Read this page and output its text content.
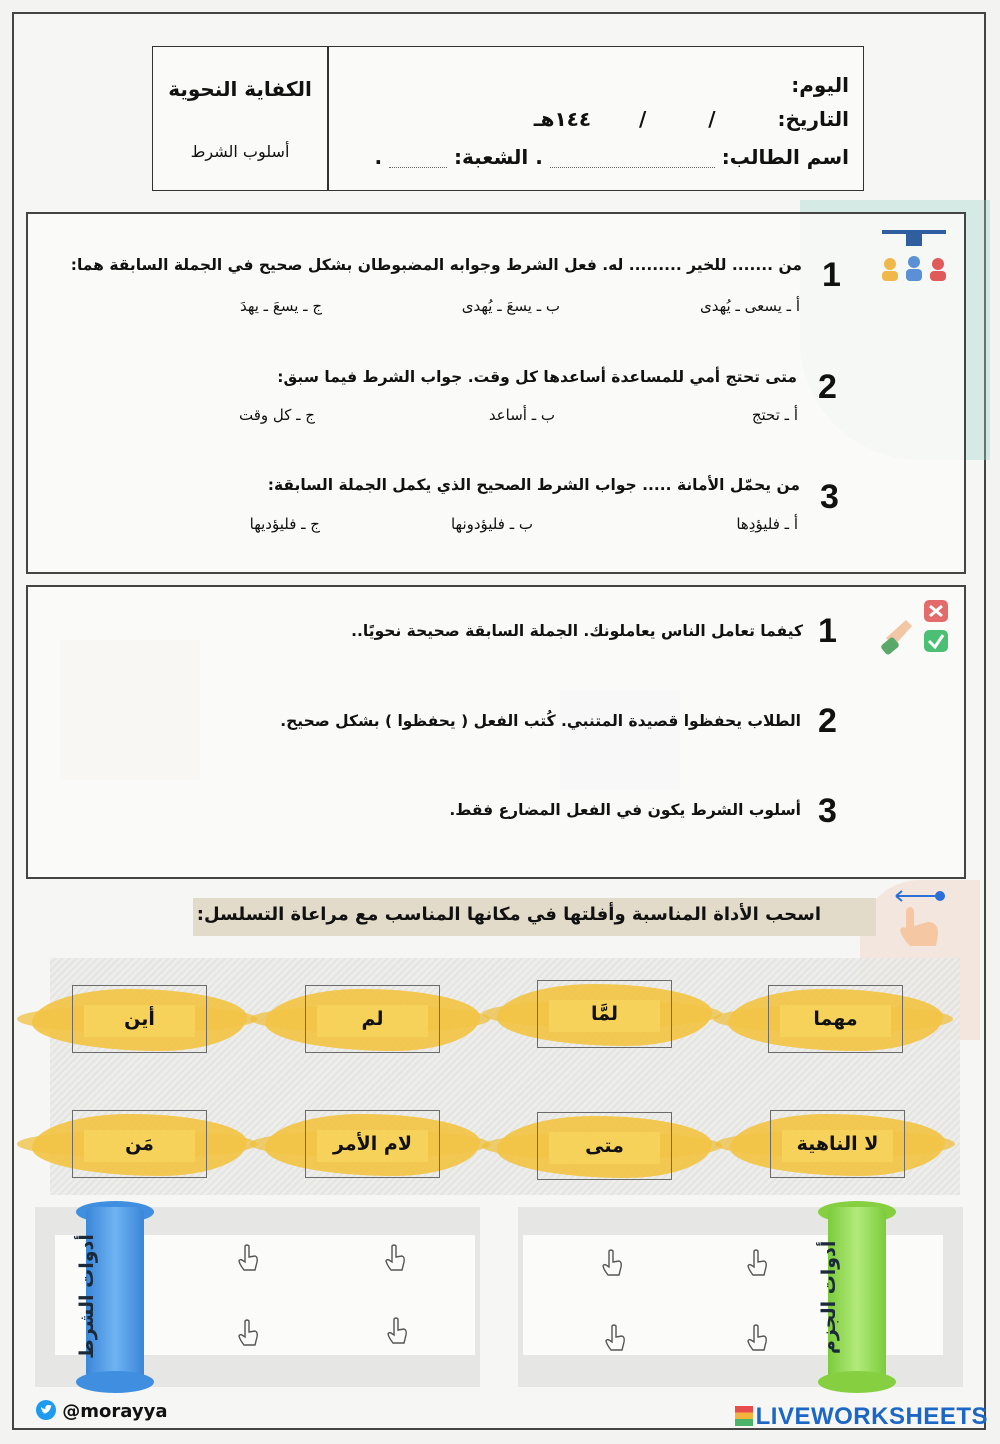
الكفاية النحوية
أسلوب الشرط
اليوم:
التاريخ:  /  /  ١٤٤هـ
اسم الطالب:  . الشعبة:  .
1
من ....... للخير ......... له. فعل الشرط وجوابه المضبوطان بشكل صحيح في الجملة السابقة هما:
أ ـ يسعى ـ يُهدى
ب ـ يسعَ ـ يُهدى
ج ـ يسعَ ـ يهدَ
2
متى تحتج أمي للمساعدة أساعدها كل وقت. جواب الشرط فيما سبق:
أ ـ تحتج
ب ـ أساعد
ج ـ كل وقت
3
من يحمّل الأمانة ..... جواب الشرط الصحيح الذي يكمل الجملة السابقة:
أ ـ فليؤدِها
ب ـ فليؤدونها
ج ـ فليؤديها
1
كيفما تعامل الناس يعاملونك. الجملة السابقة صحيحة نحويًا..
2
الطلاب يحفظوا قصيدة المتنبي. كُتب الفعل ( يحفظوا ) بشكل صحيح.
3
أسلوب الشرط يكون في الفعل المضارع فقط.
اسحب الأداة المناسبة وأفلتها في مكانها المناسب مع مراعاة التسلسل:
أين	لم	لمَّا	مهما
مَن	لام الأمر	متى	لا الناهية
أدوات الشرط	أدوات الجزم
@morayya	LIVEWORKSHEETS
